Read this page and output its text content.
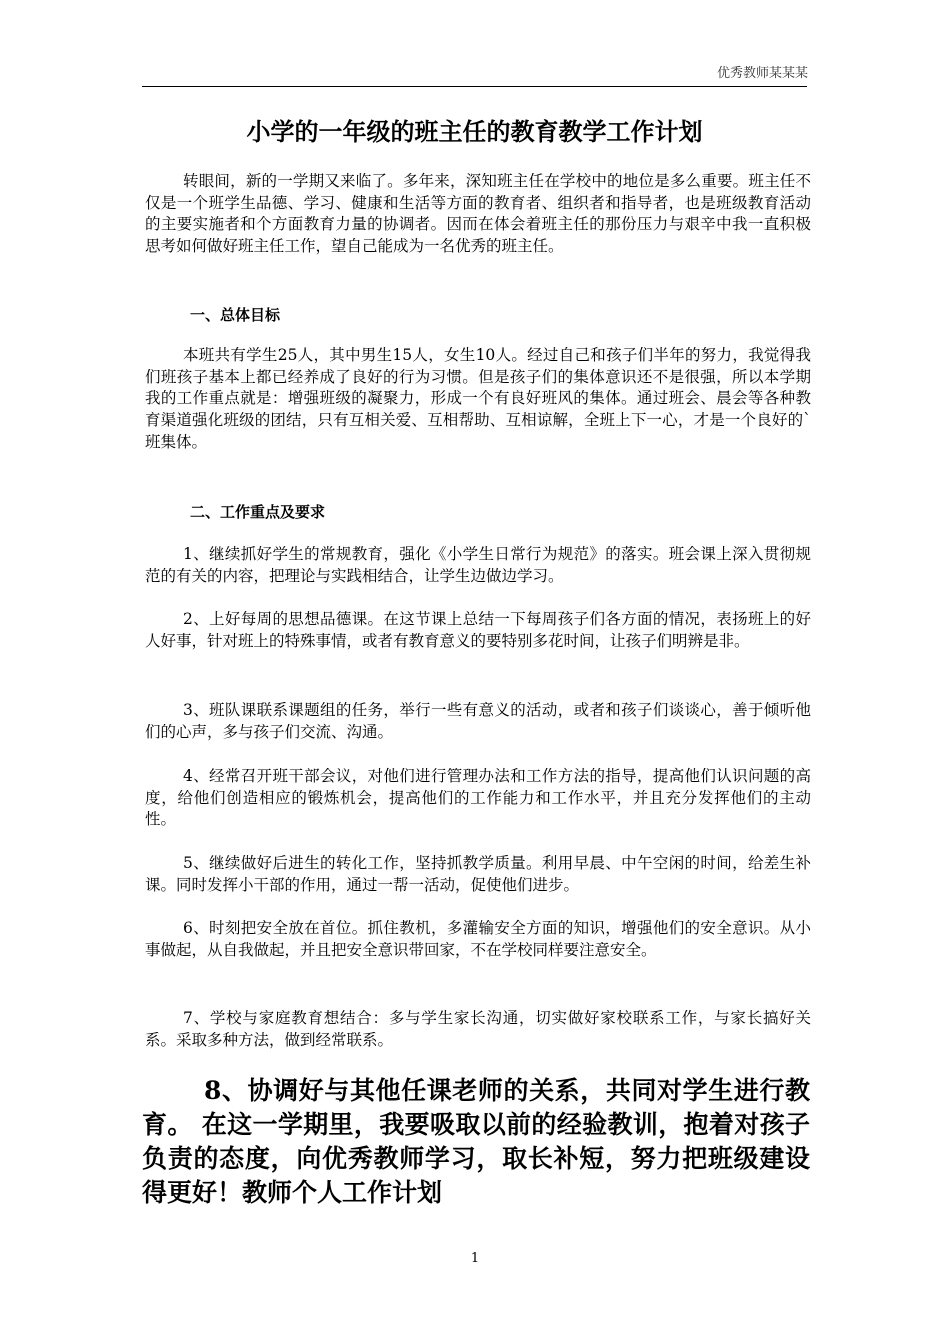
优秀教师某某某
小学的一年级的班主任的教育教学工作计划

转眼间，新的一学期又来临了。多年来，深知班主任在学校中的地位是多么重要。班主任不仅是一个班学生品德、学习、健康和生活等方面的教育者、组织者和指导者，也是班级教育活动的主要实施者和个方面教育力量的协调者。因而在体会着班主任的那份压力与艰辛中我一直积极思考如何做好班主任工作，望自己能成为一名优秀的班主任。

一、总体目标

本班共有学生25人，其中男生15人，女生10人。经过自己和孩子们半年的努力，我觉得我们班孩子基本上都已经养成了良好的行为习惯。但是孩子们的集体意识还不是很强，所以本学期我的工作重点就是：增强班级的凝聚力，形成一个有良好班风的集体。通过班会、晨会等各种教育渠道强化班级的团结，只有互相关爱、互相帮助、互相谅解，全班上下一心，才是一个良好的`班集体。

二、工作重点及要求

1、继续抓好学生的常规教育，强化《小学生日常行为规范》的落实。班会课上深入贯彻规范的有关的内容，把理论与实践相结合，让学生边做边学习。

2、上好每周的思想品德课。在这节课上总结一下每周孩子们各方面的情况，表扬班上的好人好事，针对班上的特殊事情，或者有教育意义的要特别多花时间，让孩子们明辨是非。

3、班队课联系课题组的任务，举行一些有意义的活动，或者和孩子们谈谈心，善于倾听他们的心声，多与孩子们交流、沟通。

4、经常召开班干部会议，对他们进行管理办法和工作方法的指导，提高他们认识问题的高度，给他们创造相应的锻炼机会，提高他们的工作能力和工作水平，并且充分发挥他们的主动性。

5、继续做好后进生的转化工作，坚持抓教学质量。利用早晨、中午空闲的时间，给差生补课。同时发挥小干部的作用，通过一帮一活动，促使他们进步。

6、时刻把安全放在首位。抓住教机，多灌输安全方面的知识，增强他们的安全意识。从小事做起，从自我做起，并且把安全意识带回家，不在学校同样要注意安全。

7、学校与家庭教育想结合：多与学生家长沟通，切实做好家校联系工作，与家长搞好关系。采取多种方法，做到经常联系。

8、协调好与其他任课老师的关系，共同对学生进行教育。 在这一学期里，我要吸取以前的经验教训，抱着对孩子负责的态度，向优秀教师学习，取长补短，努力把班级建设得更好！教师个人工作计划

1
